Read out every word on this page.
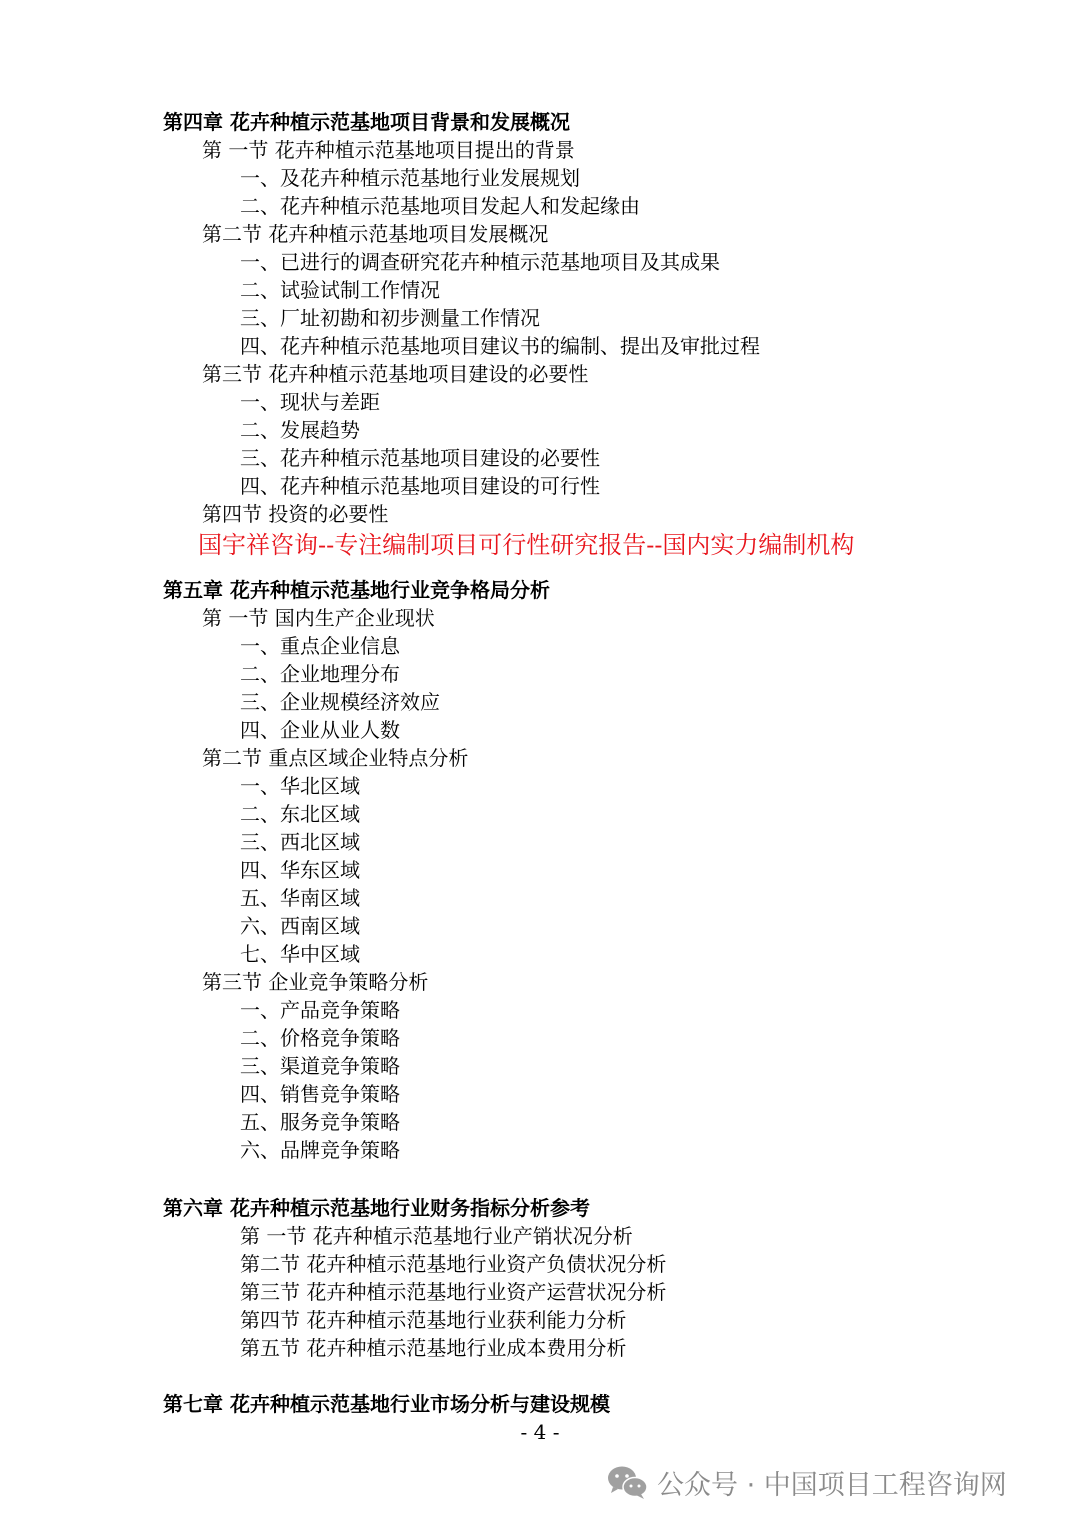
第四章 花卉种植示范基地项目背景和发展概况
第 一节 花卉种植示范基地项目提出的背景
一、及花卉种植示范基地行业发展规划
二、花卉种植示范基地项目发起人和发起缘由
第二节 花卉种植示范基地项目发展概况
一、已进行的调查研究花卉种植示范基地项目及其成果
二、试验试制工作情况
三、厂址初勘和初步测量工作情况
四、花卉种植示范基地项目建议书的编制、提出及审批过程
第三节 花卉种植示范基地项目建设的必要性
一、现状与差距
二、发展趋势
三、花卉种植示范基地项目建设的必要性
四、花卉种植示范基地项目建设的可行性
第四节 投资的必要性
国宇祥咨询--专注编制项目可行性研究报告--国内实力编制机构
第五章 花卉种植示范基地行业竞争格局分析
第 一节 国内生产企业现状
一、重点企业信息
二、企业地理分布
三、企业规模经济效应
四、企业从业人数
第二节 重点区域企业特点分析
一、华北区域
二、东北区域
三、西北区域
四、华东区域
五、华南区域
六、西南区域
七、华中区域
第三节 企业竞争策略分析
一、产品竞争策略
二、价格竞争策略
三、渠道竞争策略
四、销售竞争策略
五、服务竞争策略
六、品牌竞争策略
第六章 花卉种植示范基地行业财务指标分析参考
第 一节 花卉种植示范基地行业产销状况分析
第二节 花卉种植示范基地行业资产负债状况分析
第三节 花卉种植示范基地行业资产运营状况分析
第四节 花卉种植示范基地行业获利能力分析
第五节 花卉种植示范基地行业成本费用分析
第七章 花卉种植示范基地行业市场分析与建设规模
- 4 -
公众号 · 中国项目工程咨询网
